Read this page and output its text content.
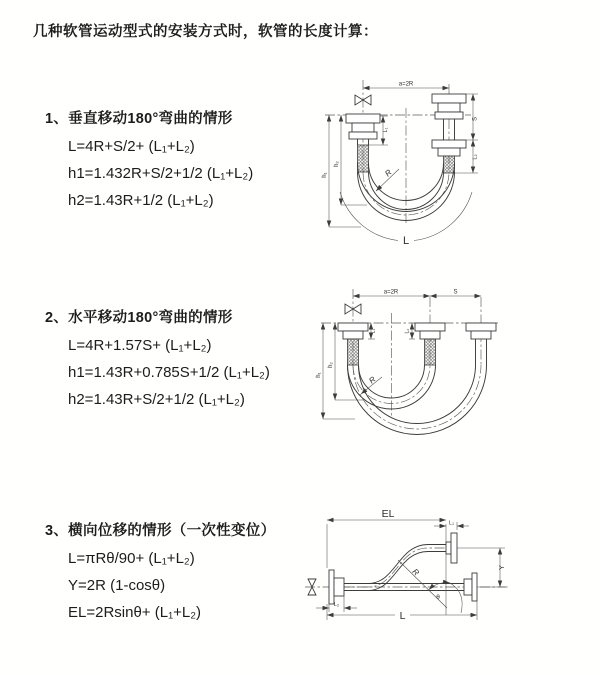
几种软管运动型式的安装方式时，软管的长度计算：
1、垂直移动180°弯曲的情形
L=4R+S/2+ (L₁+L₂)
h1=1.432R+S/2+1/2 (L₁+L₂)
h2=1.43R+1/2 (L₁+L₂)
2、水平移动180°弯曲的情形
L=4R+1.57S+ (L₁+L₂)
h1=1.43R+0.785S+1/2 (L₁+L₂)
h2=1.43R+S/2+1/2 (L₁+L₂)
3、横向位移的情形（一次性变位）
L=πRθ/90+ (L₁+L₂)
Y=2R (1-cosθ)
EL=2Rsinθ+ (L₁+L₂)
a=2R
h₁
h₂
L₁
S
L₂
R
L
a=2R	S
h₁
h₂
L₁	L₂
R
EL
L₁
L₂
Y
R
θ
L
